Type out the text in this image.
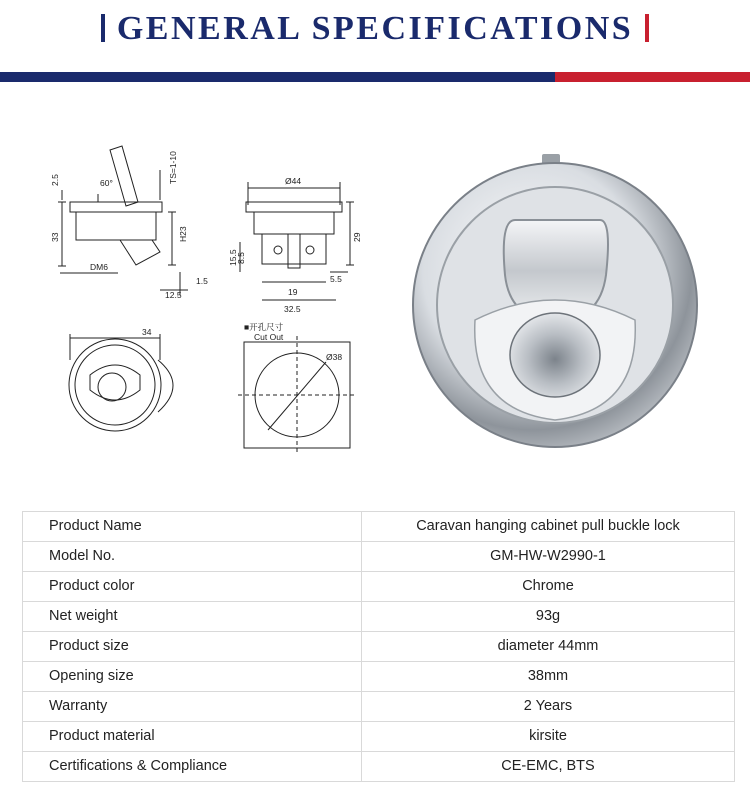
GENERAL SPECIFICATIONS
2.5	60°	TS=1-10
33	H23
DM6
1.5
12.5
Ø44
29
15.5
8.5
5.5
19
32.5
34
Ø38
■开孔尺寸
Cut Out
Product Name	Caravan hanging cabinet pull buckle lock
Model No.	GM-HW-W2990-1
Product color	Chrome
Net weight	93g
Product size	diameter 44mm
Opening size	38mm
Warranty	2 Years
Product material	kirsite
Certifications & Compliance	CE-EMC, BTS
